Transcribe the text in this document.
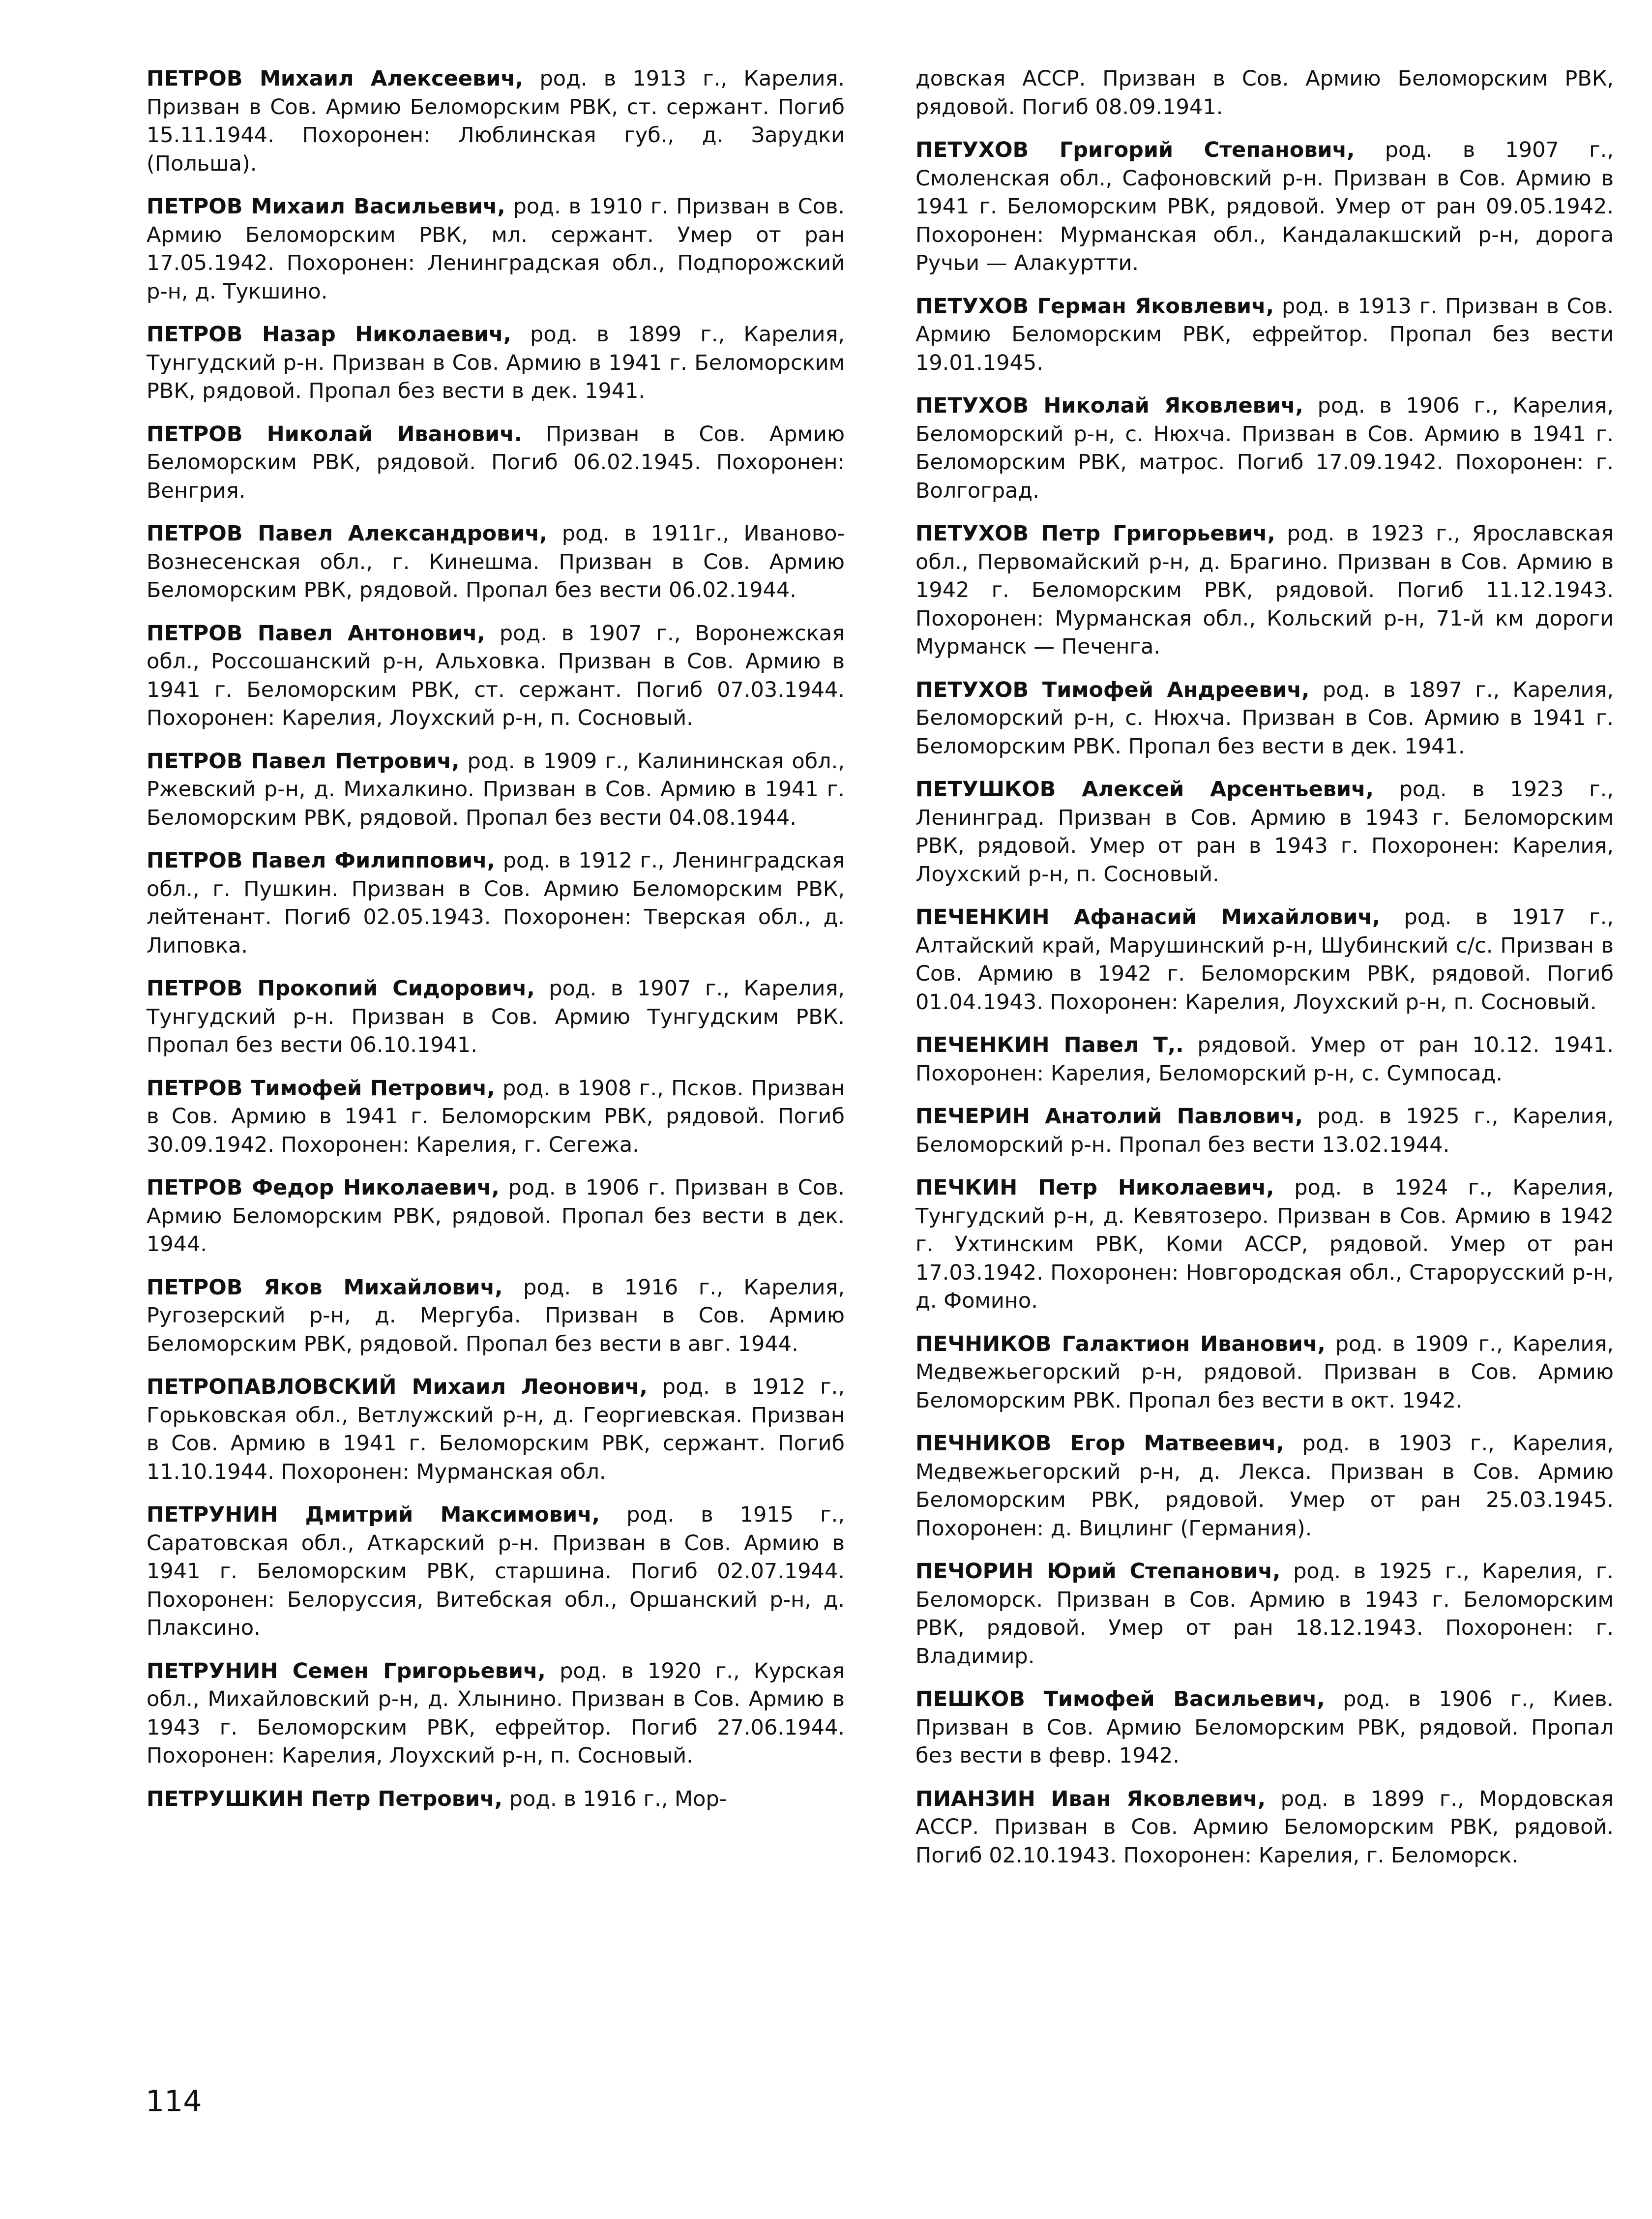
ПЕТРОВ Михаил Алексеевич, род. в 1913 г., Карелия. Призван в Сов. Армию Беломорским РВК, ст. сержант. Погиб 15.11.1944. Похоронен: Люблинская губ., д. Зарудки (Польша).

ПЕТРОВ Михаил Васильевич, род. в 1910 г. Призван в Сов. Армию Беломорским РВК, мл. сержант. Умер от ран 17.05.1942. Похоронен: Ленинградская обл., Подпорожский р-н, д. Тукшино.

ПЕТРОВ Назар Николаевич, род. в 1899 г., Карелия, Тунгудский р-н. Призван в Сов. Армию в 1941 г. Беломорским РВК, рядовой. Пропал без вести в дек. 1941.

ПЕТРОВ Николай Иванович. Призван в Сов. Армию Беломорским РВК, рядовой. Погиб 06.02.1945. Похоронен: Венгрия.

ПЕТРОВ Павел Александрович, род. в 1911г., Иваново-Вознесенская обл., г. Кинешма. Призван в Сов. Армию Беломорским РВК, рядовой. Пропал без вести 06.02.1944.

ПЕТРОВ Павел Антонович, род. в 1907 г., Воронежская обл., Россошанский р-н, Альховка. Призван в Сов. Армию в 1941 г. Беломорским РВК, ст. сержант. Погиб 07.03.1944. Похоронен: Карелия, Лоухский р-н, п. Сосновый.

ПЕТРОВ Павел Петрович, род. в 1909 г., Калининская обл., Ржевский р-н, д. Михалкино. Призван в Сов. Армию в 1941 г. Беломорским РВК, рядовой. Пропал без вести 04.08.1944.

ПЕТРОВ Павел Филиппович, род. в 1912 г., Ленинградская обл., г. Пушкин. Призван в Сов. Армию Беломорским РВК, лейтенант. Погиб 02.05.1943. Похоронен: Тверская обл., д. Липовка.

ПЕТРОВ Прокопий Сидорович, род. в 1907 г., Карелия, Тунгудский р-н. Призван в Сов. Армию Тунгудским РВК. Пропал без вести 06.10.1941.

ПЕТРОВ Тимофей Петрович, род. в 1908 г., Псков. Призван в Сов. Армию в 1941 г. Беломорским РВК, рядовой. Погиб 30.09.1942. Похоронен: Карелия, г. Сегежа.

ПЕТРОВ Федор Николаевич, род. в 1906 г. Призван в Сов. Армию Беломорским РВК, рядовой. Пропал без вести в дек. 1944.

ПЕТРОВ Яков Михайлович, род. в 1916 г., Карелия, Ругозерский р-н, д. Мергуба. Призван в Сов. Армию Беломорским РВК, рядовой. Пропал без вести в авг. 1944.

ПЕТРОПАВЛОВСКИЙ Михаил Леонович, род. в 1912 г., Горьковская обл., Ветлужский р-н, д. Георгиевская. Призван в Сов. Армию в 1941 г. Беломорским РВК, сержант. Погиб 11.10.1944. Похоронен: Мурманская обл.

ПЕТРУНИН Дмитрий Максимович, род. в 1915 г., Саратовская обл., Аткарский р-н. Призван в Сов. Армию в 1941 г. Беломорским РВК, старшина. Погиб 02.07.1944. Похоронен: Белоруссия, Витебская обл., Оршанский р-н, д. Плаксино.

ПЕТРУНИН Семен Григорьевич, род. в 1920 г., Курская обл., Михайловский р-н, д. Хлынино. Призван в Сов. Армию в 1943 г. Беломорским РВК, ефрейтор. Погиб 27.06.1944. Похоронен: Карелия, Лоухский р-н, п. Сосновый.

ПЕТРУШКИН Петр Петрович, род. в 1916 г., Мор-

довская АССР. Призван в Сов. Армию Беломорским РВК, рядовой. Погиб 08.09.1941.

ПЕТУХОВ Григорий Степанович, род. в 1907 г., Смоленская обл., Сафоновский р-н. Призван в Сов. Армию в 1941 г. Беломорским РВК, рядовой. Умер от ран 09.05.1942. Похоронен: Мурманская обл., Кандалакшский р-н, дорога Ручьи — Алакуртти.

ПЕТУХОВ Герман Яковлевич, род. в 1913 г. Призван в Сов. Армию Беломорским РВК, ефрейтор. Пропал без вести 19.01.1945.

ПЕТУХОВ Николай Яковлевич, род. в 1906 г., Карелия, Беломорский р-н, с. Нюхча. Призван в Сов. Армию в 1941 г. Беломорским РВК, матрос. Погиб 17.09.1942. Похоронен: г. Волгоград.

ПЕТУХОВ Петр Григорьевич, род. в 1923 г., Ярославская обл., Первомайский р-н, д. Брагино. Призван в Сов. Армию в 1942 г. Беломорским РВК, рядовой. Погиб 11.12.1943. Похоронен: Мурманская обл., Кольский р-н, 71-й км дороги Мурманск — Печенга.

ПЕТУХОВ Тимофей Андреевич, род. в 1897 г., Карелия, Беломорский р-н, с. Нюхча. Призван в Сов. Армию в 1941 г. Беломорским РВК. Пропал без вести в дек. 1941.

ПЕТУШКОВ Алексей Арсентьевич, род. в 1923 г., Ленинград. Призван в Сов. Армию в 1943 г. Беломорским РВК, рядовой. Умер от ран в 1943 г. Похоронен: Карелия, Лоухский р-н, п. Сосновый.

ПЕЧЕНКИН Афанасий Михайлович, род. в 1917 г., Алтайский край, Марушинский р-н, Шубинский с/с. Призван в Сов. Армию в 1942 г. Беломорским РВК, рядовой. Погиб 01.04.1943. Похоронен: Карелия, Лоухский р-н, п. Сосновый.

ПЕЧЕНКИН Павел Т,. рядовой. Умер от ран 10.12. 1941. Похоронен: Карелия, Беломорский р-н, с. Сумпосад.

ПЕЧЕРИН Анатолий Павлович, род. в 1925 г., Карелия, Беломорский р-н. Пропал без вести 13.02.1944.

ПЕЧКИН Петр Николаевич, род. в 1924 г., Карелия, Тунгудский р-н, д. Кевятозеро. Призван в Сов. Армию в 1942 г. Ухтинским РВК, Коми АССР, рядовой. Умер от ран 17.03.1942. Похоронен: Новгородская обл., Старорусский р-н, д. Фомино.

ПЕЧНИКОВ Галактион Иванович, род. в 1909 г., Карелия, Медвежьегорский р-н, рядовой. Призван в Сов. Армию Беломорским РВК. Пропал без вести в окт. 1942.

ПЕЧНИКОВ Егор Матвеевич, род. в 1903 г., Карелия, Медвежьегорский р-н, д. Лекса. Призван в Сов. Армию Беломорским РВК, рядовой. Умер от ран 25.03.1945. Похоронен: д. Вицлинг (Германия).

ПЕЧОРИН Юрий Степанович, род. в 1925 г., Карелия, г. Беломорск. Призван в Сов. Армию в 1943 г. Беломорским РВК, рядовой. Умер от ран 18.12.1943. Похоронен: г. Владимир.

ПЕШКОВ Тимофей Васильевич, род. в 1906 г., Киев. Призван в Сов. Армию Беломорским РВК, рядовой. Пропал без вести в февр. 1942.

ПИАНЗИН Иван Яковлевич, род. в 1899 г., Мордовская АССР. Призван в Сов. Армию Беломорским РВК, рядовой. Погиб 02.10.1943. Похоронен: Карелия, г. Беломорск.

114
